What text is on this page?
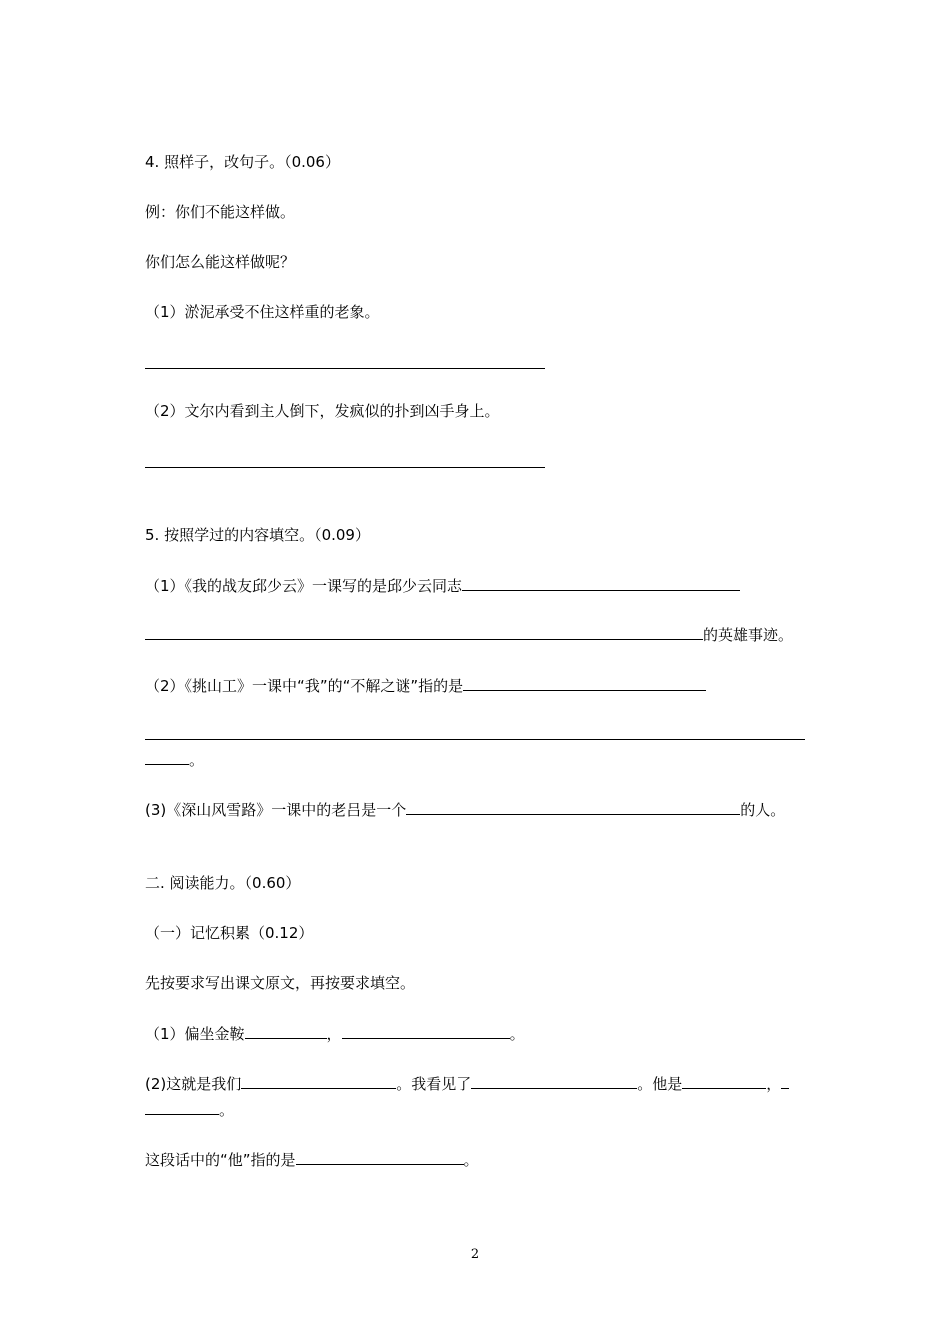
4. 照样子，改句子。（0.06）
例：你们不能这样做。
你们怎么能这样做呢？
（1）淤泥承受不住这样重的老象。
（2）文尔内看到主人倒下，发疯似的扑到凶手身上。
5. 按照学过的内容填空。（0.09）
（1）《我的战友邱少云》一课写的是邱少云同志
的英雄事迹。
（2）《挑山工》一课中“我”的“不解之谜”指的是
。
(3)《深山风雪路》一课中的老吕是一个	的人。
二. 阅读能力。（0.60）
（一）记忆积累（0.12）
先按要求写出课文原文，再按要求填空。
（1）偏坐金鞍	，	。
(2)这就是我们	。我看见了	。他是	，
。
这段话中的“他”指的是	。
2
